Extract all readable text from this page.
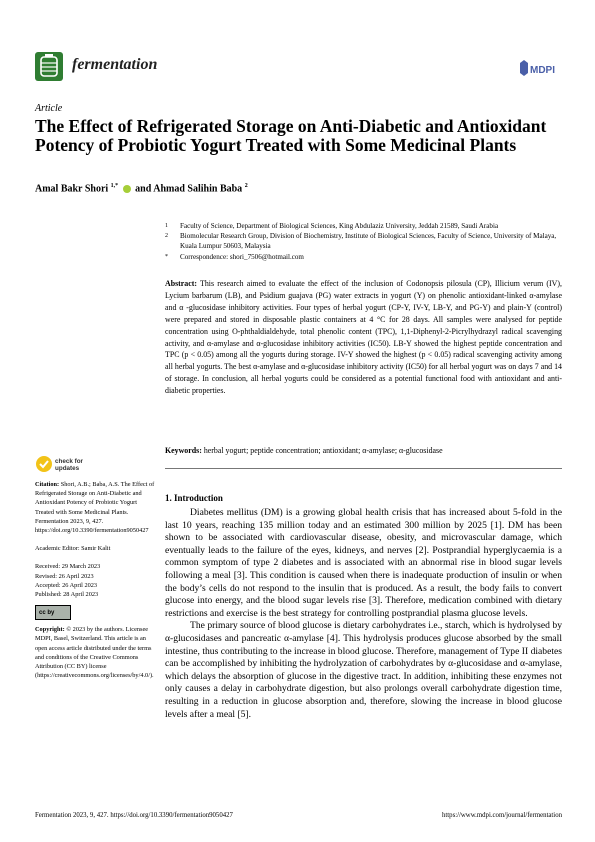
fermentation	MDPI
Article
The Effect of Refrigerated Storage on Anti-Diabetic and Antioxidant Potency of Probiotic Yogurt Treated with Some Medicinal Plants
Amal Bakr Shori $^{1,*}$ and Ahmad Salihin Baba $^2$
1	Faculty of Science, Department of Biological Sciences, King Abdulaziz University, Jeddah 21589, Saudi Arabia
2	Biomolecular Research Group, Division of Biochemistry, Institute of Biological Sciences, Faculty of Science, University of Malaya, Kuala Lumpur 50603, Malaysia
*	Correspondence: shori_7506@hotmail.com
Abstract: This research aimed to evaluate the effect of the inclusion of Codonopsis pilosula (CP), Illicium verum (IV), Lycium barbarum (LB), and Psidium guajava (PG) water extracts in yogurt (Y) on phenolic antioxidant-linked α-amylase and α -glucosidase inhibitory activities. Four types of herbal yogurt (CP-Y, IV-Y, LB-Y, and PG-Y) and plain-Y (control) were prepared and stored in disposable plastic containers at 4 °C for 28 days. All samples were analysed for peptide concentration using O-phthaldialdehyde, total phenolic content (TPC), 1,1-Diphenyl-2-Picrylhydrazyl radical scavenging activity, and α-amylase and α-glucosidase inhibitory activities (IC50). LB-Y showed the highest peptide concentration and TPC (p < 0.05) among all the yogurts during storage. IV-Y showed the highest (p < 0.05) radical scavenging activity among all herbal yogurts. The best α-amylase and α-glucosidase inhibitory activity (IC50) for all herbal yogurt was on days 7 and 14 of storage. In conclusion, all herbal yogurts could be considered as a potential functional food with antioxidant and anti-diabetic properties.
Keywords: herbal yogurt; peptide concentration; antioxidant; α-amylase; α-glucosidase
check for
updates

Citation: Shori, A.B.; Baba, A.S. The Effect of Refrigerated Storage on Anti-Diabetic and Antioxidant Potency of Probiotic Yogurt Treated with Some Medicinal Plants. Fermentation 2023, 9, 427. https://doi.org/10.3390/fermentation9050427

Academic Editor: Samir Kalit

Received: 29 March 2023

Revised: 26 April 2023

Accepted: 26 April 2023

Published: 28 April 2023

cc by

Copyright: © 2023 by the authors. Licensee MDPI, Basel, Switzerland. This article is an open access article distributed under the terms and conditions of the Creative Commons Attribution (CC BY) license (https://creativecommons.org/licenses/by/4.0/).

1. Introduction

Diabetes mellitus (DM) is a growing global health crisis that has increased about 5-fold in the last 10 years, reaching 135 million today and an estimated 300 million by 2025 [1]. DM has been shown to be associated with cardiovascular disease, obesity, and microvascular damage, which eventually leads to the failure of the eyes, kidneys, and nerves [2]. Postprandial hyperglycaemia is a common symptom of type 2 diabetes and is associated with an abnormal rise in blood sugar levels following a meal [3]. This condition is caused when there is inadequate production of insulin or when the body’s cells do not respond to the insulin that is produced. As a result, the body fails to convert glucose into energy, and the blood sugar levels rise [3]. Therefore, medication combined with dietary restrictions and exercise is the best strategy for controlling postprandial plasma glucose levels.

The primary source of blood glucose is dietary carbohydrates i.e., starch, which is hydrolysed by α-glucosidases and pancreatic α-amylase [4]. This hydrolysis produces glucose absorbed by the small intestine, thus contributing to the increase in blood glucose. Therefore, management of Type II diabetes can be accomplished by inhibiting the hydrolyzation of carbohydrates by α-glucosidase and α-amylase, which delays the absorption of glucose in the digestive tract. In addition, inhibiting these enzymes not only causes a delay in carbohydrate digestion, but also prolongs overall carbohydrate digestion time, resulting in a reduction in glucose absorption and, therefore, slowing the increase in blood glucose levels after a meal [5].

Fermentation 2023, 9, 427. https://doi.org/10.3390/fermentation9050427	https://www.mdpi.com/journal/fermentation
